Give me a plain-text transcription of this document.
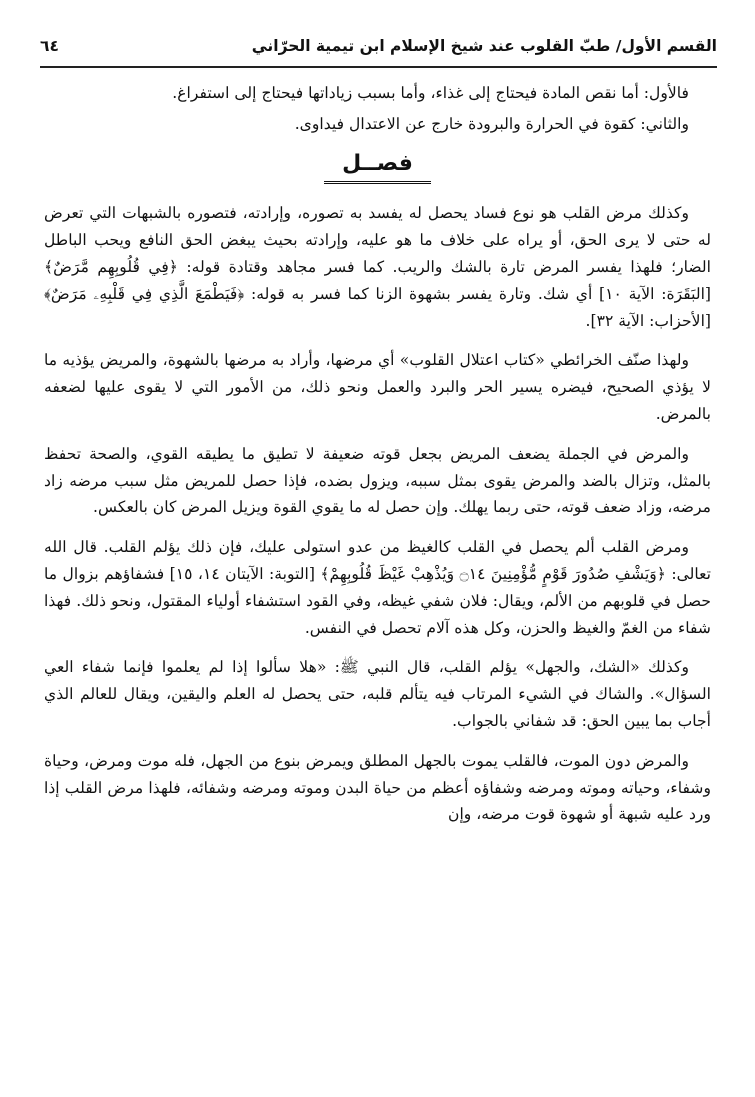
القسم الأول/ طبّ القلوب عند شيخ الإسلام ابن تيمية الحرّاني
٦٤

فالأول: أما نقص المادة فيحتاج إلى غذاء، وأما بسبب زياداتها فيحتاج إلى استفراغ.

والثاني: كقوة في الحرارة والبرودة خارج عن الاعتدال فيداوى.

فصــل

وكذلك مرض القلب هو نوع فساد يحصل له يفسد به تصوره، وإرادته، فتصوره بالشبهات التي تعرض له حتى لا يرى الحق، أو يراه على خلاف ما هو عليه، وإرادته بحيث يبغض الحق النافع ويحب الباطل الضار؛ فلهذا يفسر المرض تارة بالشك والريب. كما فسر مجاهد وقتادة قوله: ﴿فِي قُلُوبِهِم مَّرَضٌ﴾ [البَقَرَة: الآية ١٠] أي شك. وتارة يفسر بشهوة الزنا كما فسر به قوله: ﴿فَيَطْمَعَ الَّذِي فِي قَلْبِهِۦ مَرَضٌ﴾ [الأحزاب: الآية ٣٢].

ولهذا صنّف الخرائطي «كتاب اعتلال القلوب» أي مرضها، وأراد به مرضها بالشهوة، والمريض يؤذيه ما لا يؤذي الصحيح، فيضره يسير الحر والبرد والعمل ونحو ذلك، من الأمور التي لا يقوى عليها لضعفه بالمرض.

والمرض في الجملة يضعف المريض بجعل قوته ضعيفة لا تطيق ما يطيقه القوي، والصحة تحفظ بالمثل، وتزال بالضد والمرض يقوى بمثل سببه، ويزول بضده، فإذا حصل للمريض مثل سبب مرضه زاد مرضه، وزاد ضعف قوته، حتى ربما يهلك. وإن حصل له ما يقوي القوة ويزيل المرض كان بالعكس.

ومرض القلب ألم يحصل في القلب كالغيظ من عدو استولى عليك، فإن ذلك يؤلم القلب. قال الله تعالى: ﴿وَيَشْفِ صُدُورَ قَوْمٍ مُّؤْمِنِينَ ۝١٤ وَيُذْهِبْ غَيْظَ قُلُوبِهِمْ﴾ [التوبة: الآيتان ١٤، ١٥] فشفاؤهم بزوال ما حصل في قلوبهم من الألم، ويقال: فلان شفي غيظه، وفي القود استشفاء أولياء المقتول، ونحو ذلك. فهذا شفاء من الغمّ والغيظ والحزن، وكل هذه آلام تحصل في النفس.

وكذلك «الشك، والجهل» يؤلم القلب، قال النبي ﷺ: «هلا سألوا إذا لم يعلموا فإنما شفاء العي السؤال». والشاك في الشيء المرتاب فيه يتألم قلبه، حتى يحصل له العلم واليقين، ويقال للعالم الذي أجاب بما يبين الحق: قد شفاني بالجواب.

والمرض دون الموت، فالقلب يموت بالجهل المطلق ويمرض بنوع من الجهل، فله موت ومرض، وحياة وشفاء، وحياته وموته ومرضه وشفاؤه أعظم من حياة البدن وموته ومرضه وشفائه، فلهذا مرض القلب إذا ورد عليه شبهة أو شهوة قوت مرضه، وإن
